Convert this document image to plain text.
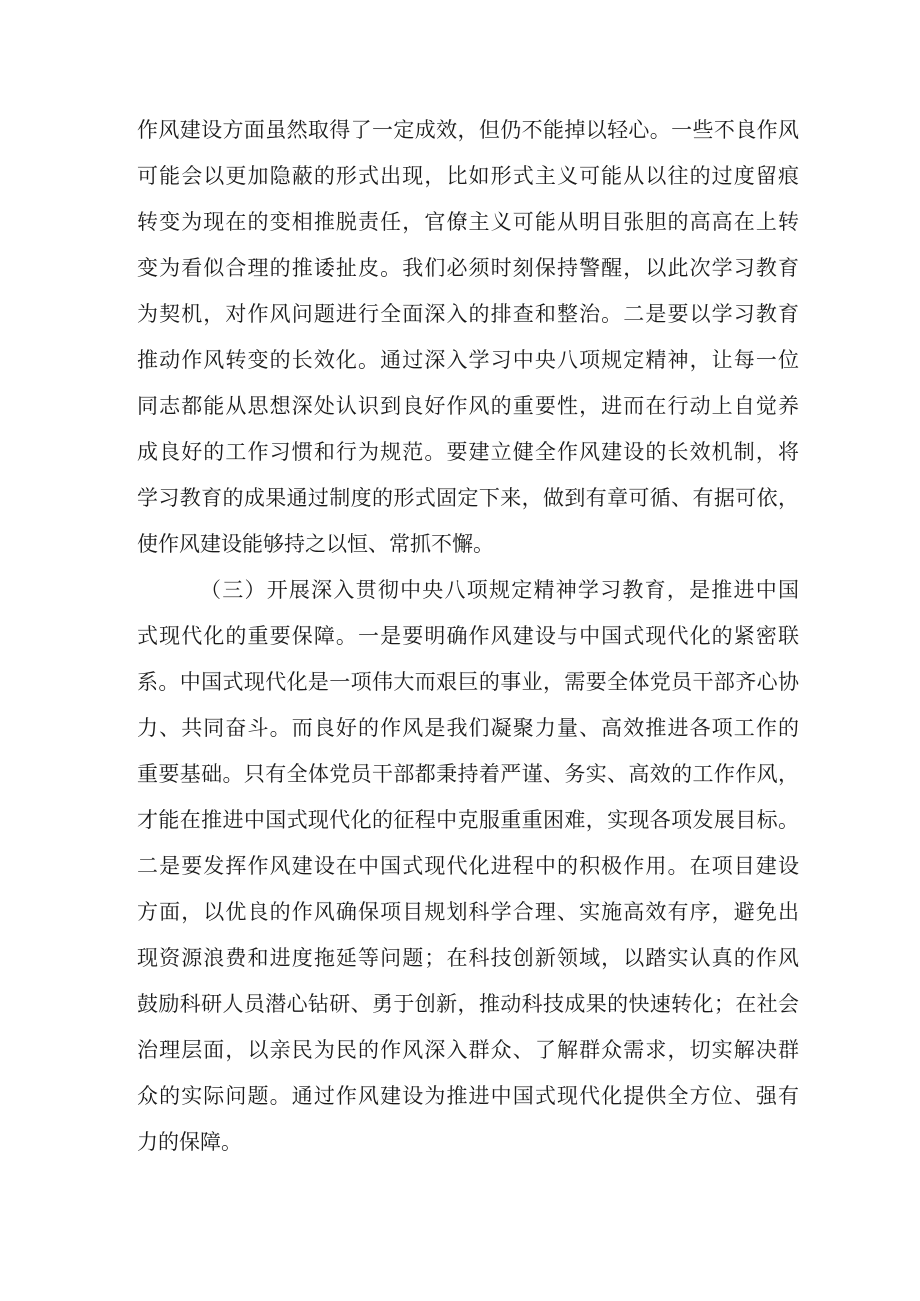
作风建设方面虽然取得了一定成效，但仍不能掉以轻心。一些不良作风
可能会以更加隐蔽的形式出现，比如形式主义可能从以往的过度留痕
转变为现在的变相推脱责任，官僚主义可能从明目张胆的高高在上转
变为看似合理的推诿扯皮。我们必须时刻保持警醒，以此次学习教育
为契机，对作风问题进行全面深入的排查和整治。二是要以学习教育
推动作风转变的长效化。通过深入学习中央八项规定精神，让每一位
同志都能从思想深处认识到良好作风的重要性，进而在行动上自觉养
成良好的工作习惯和行为规范。要建立健全作风建设的长效机制，将
学习教育的成果通过制度的形式固定下来，做到有章可循、有据可依，
使作风建设能够持之以恒、常抓不懈。
（三）开展深入贯彻中央八项规定精神学习教育，是推进中国
式现代化的重要保障。一是要明确作风建设与中国式现代化的紧密联
系。中国式现代化是一项伟大而艰巨的事业，需要全体党员干部齐心协
力、共同奋斗。而良好的作风是我们凝聚力量、高效推进各项工作的
重要基础。只有全体党员干部都秉持着严谨、务实、高效的工作作风，
才能在推进中国式现代化的征程中克服重重困难，实现各项发展目标。
二是要发挥作风建设在中国式现代化进程中的积极作用。在项目建设
方面，以优良的作风确保项目规划科学合理、实施高效有序，避免出
现资源浪费和进度拖延等问题；在科技创新领域，以踏实认真的作风
鼓励科研人员潜心钻研、勇于创新，推动科技成果的快速转化；在社会
治理层面，以亲民为民的作风深入群众、了解群众需求，切实解决群
众的实际问题。通过作风建设为推进中国式现代化提供全方位、强有
力的保障。
